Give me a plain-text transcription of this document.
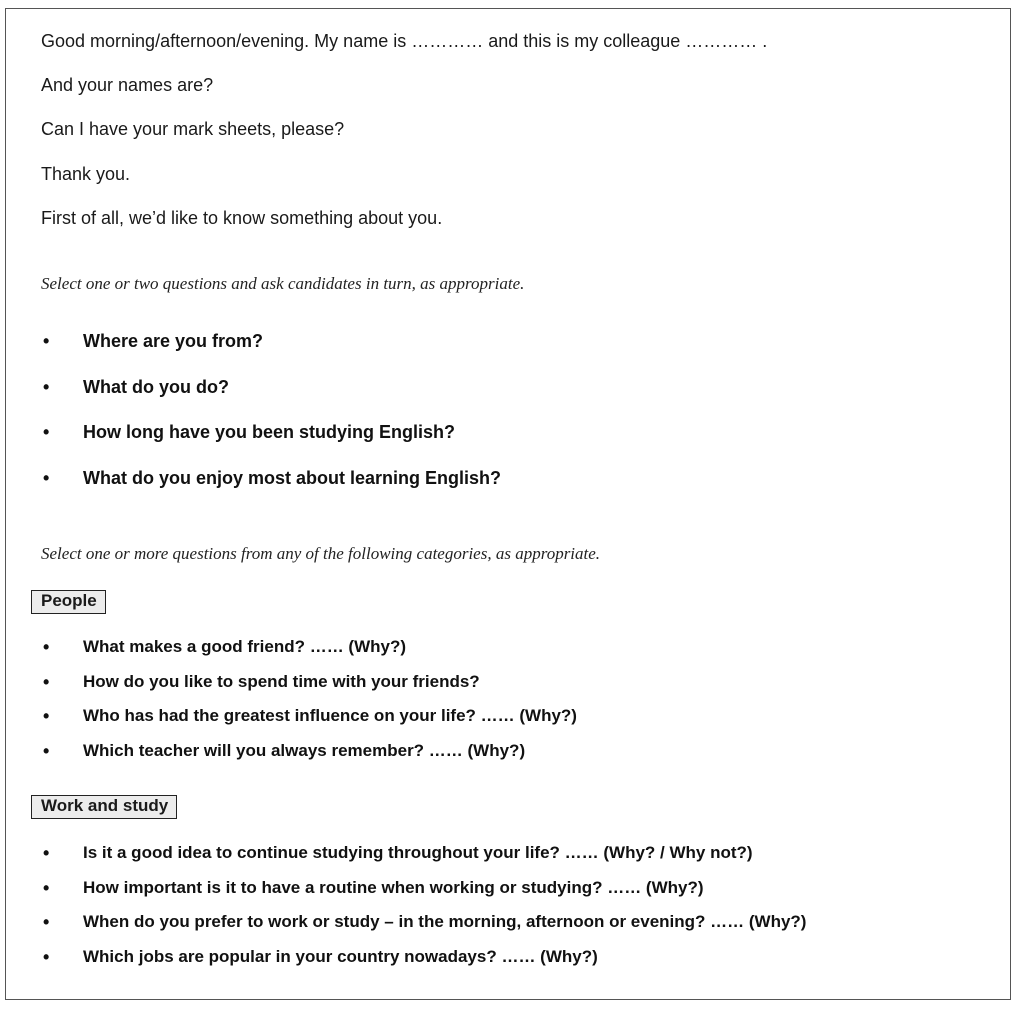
Good morning/afternoon/evening. My name is ………… and this is my colleague ………… .
And your names are?
Can I have your mark sheets, please?
Thank you.
First of all, we’d like to know something about you.
Select one or two questions and ask candidates in turn, as appropriate.
• Where are you from?
• What do you do?
• How long have you been studying English?
• What do you enjoy most about learning English?
Select one or more questions from any of the following categories, as appropriate.
People
• What makes a good friend? …… (Why?)
• How do you like to spend time with your friends?
• Who has had the greatest influence on your life? …… (Why?)
• Which teacher will you always remember? …… (Why?)
Work and study
• Is it a good idea to continue studying throughout your life? …… (Why? / Why not?)
• How important is it to have a routine when working or studying? …… (Why?)
• When do you prefer to work or study – in the morning, afternoon or evening? …… (Why?)
• Which jobs are popular in your country nowadays? …… (Why?)
